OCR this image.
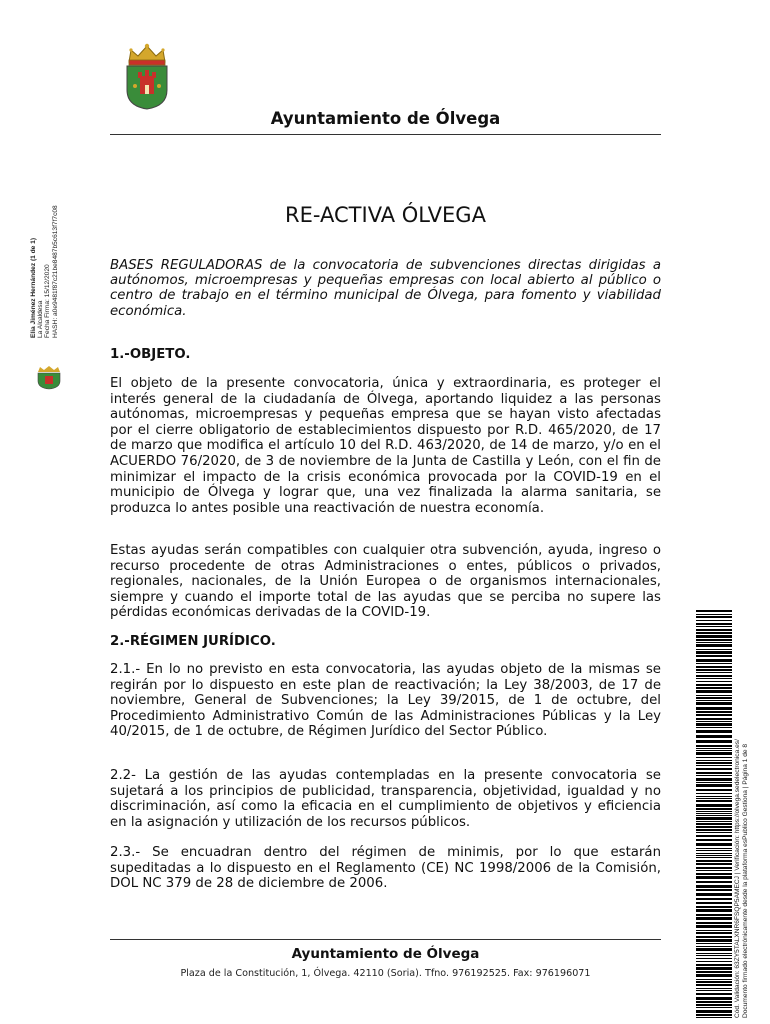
Ayuntamiento de Ólvega
Elia Jiménez Hernández (1 de 1) La Alcaldesa Fecha Firma: 15/12/2020 HASH: a0e9481f87c21be8487b5c613f7f7c08	RE-ACTIVA ÓLVEGA
BASES REGULADORAS de la convocatoria de subvenciones directas dirigidas a autónomos, microempresas y pequeñas empresas con local abierto al público o centro de trabajo en el término municipal de Ólvega, para fomento y viabilidad económica.
1.-OBJETO.
El objeto de la presente convocatoria, única y extraordinaria, es proteger el interés general de la ciudadanía de Ólvega, aportando liquidez a las personas autónomas, microempresas y pequeñas empresa que se hayan visto afectadas por el cierre obligatorio de establecimientos dispuesto por R.D. 465/2020, de 17 de marzo que modifica el artículo 10 del R.D. 463/2020, de 14 de marzo, y/o en el ACUERDO 76/2020, de 3 de noviembre de la Junta de Castilla y León, con el fin de minimizar el impacto de la crisis económica provocada por la COVID-19 en el municipio de Ólvega y lograr que, una vez finalizada la alarma sanitaria, se produzca lo antes posible una reactivación de nuestra economía.
Estas ayudas serán compatibles con cualquier otra subvención, ayuda, ingreso o recurso procedente de otras Administraciones o entes, públicos o privados, regionales, nacionales, de la Unión Europea o de organismos internacionales, siempre y cuando el importe total de las ayudas que se perciba no supere las pérdidas económicas derivadas de la COVID-19.
2.-RÉGIMEN JURÍDICO.
2.1.- En lo no previsto en esta convocatoria, las ayudas objeto de la mismas se regirán por lo dispuesto en este plan de reactivación; la Ley 38/2003, de 17 de noviembre, General de Subvenciones; la Ley 39/2015, de 1 de octubre, del Procedimiento Administrativo Común de las Administraciones Públicas y la Ley 40/2015, de 1 de octubre, de Régimen Jurídico del Sector Público.
2.2- La gestión de las ayudas contempladas en la presente convocatoria se sujetará a los principios de publicidad, transparencia, objetividad, igualdad y no discriminación, así como la eficacia en el cumplimiento de objetivos y eficiencia en la asignación y utilización de los recursos públicos.
2.3.- Se encuadran dentro del régimen de minimis, por lo que estarán supeditadas a lo dispuesto en el Reglamento (CE) NC 1998/2006 de la Comisión, DOL NC 379 de 28 de diciembre de 2006.
Ayuntamiento de Ólvega
Plaza de la Constitución, 1, Ólvega. 42110 (Soria). Tfno. 976192525. Fax: 976196071	Cód. Validación: 63ZY5TALXNR6FSQP5AMECJ | Verificación: https://olvega.sedelectronica.es/ Documento firmado electrónicamente desde la plataforma esPublico Gestiona | Página 1 de 8
